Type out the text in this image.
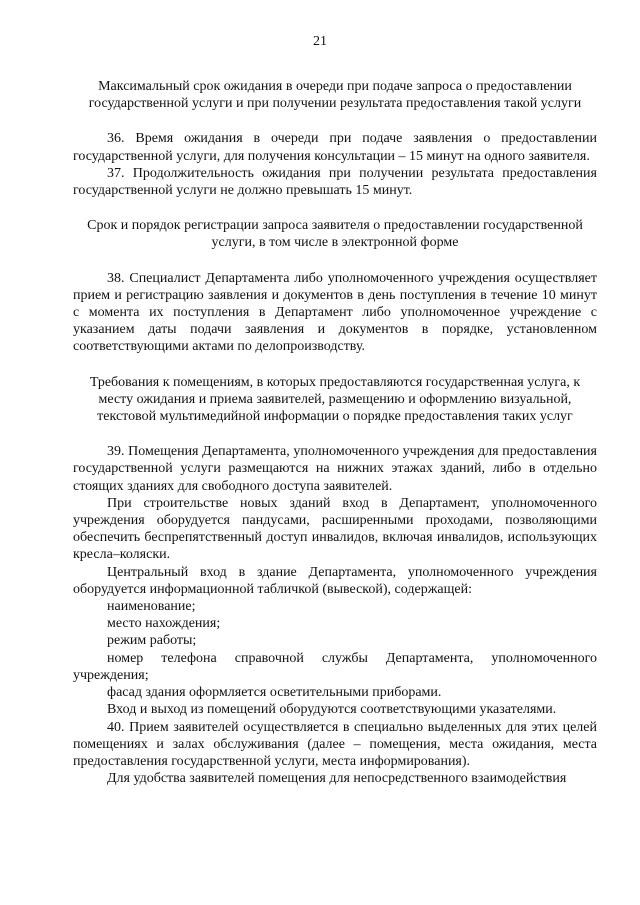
21

Максимальный срок ожидания в очереди при подаче запроса о предоставлении государственной услуги и при получении результата предоставления такой услуги

36. Время ожидания в очереди при подаче заявления о предоставлении государственной услуги, для получения консультации – 15 минут на одного заявителя.

37. Продолжительность ожидания при получении результата предоставления государственной услуги не должно превышать 15 минут.

Срок и порядок регистрации запроса заявителя о предоставлении государственной услуги, в том числе в электронной форме

38. Специалист Департамента либо уполномоченного учреждения осуществляет прием и регистрацию заявления и документов в день поступления в течение 10 минут с момента их поступления в Департамент либо уполномоченное учреждение с указанием даты подачи заявления и документов в порядке, установленном соответствующими актами по делопроизводству.

Требования к помещениям, в которых предоставляются государственная услуга, к месту ожидания и приема заявителей, размещению и оформлению визуальной, текстовой мультимедийной информации о порядке предоставления таких услуг

39. Помещения Департамента, уполномоченного учреждения для предоставления государственной услуги размещаются на нижних этажах зданий, либо в отдельно стоящих зданиях для свободного доступа заявителей.

При строительстве новых зданий вход в Департамент, уполномоченного учреждения оборудуется пандусами, расширенными проходами, позволяющими обеспечить беспрепятственный доступ инвалидов, включая инвалидов, использующих кресла–коляски.

Центральный вход в здание Департамента, уполномоченного учреждения оборудуется информационной табличкой (вывеской), содержащей:

наименование;

место нахождения;

режим работы;

номер телефона справочной службы Департамента, уполномоченного учреждения;

фасад здания оформляется осветительными приборами.

Вход и выход из помещений оборудуются соответствующими указателями.

40. Прием заявителей осуществляется в специально выделенных для этих целей помещениях и залах обслуживания (далее – помещения, места ожидания, места предоставления государственной услуги, места информирования).

Для удобства заявителей помещения для непосредственного взаимодействия
